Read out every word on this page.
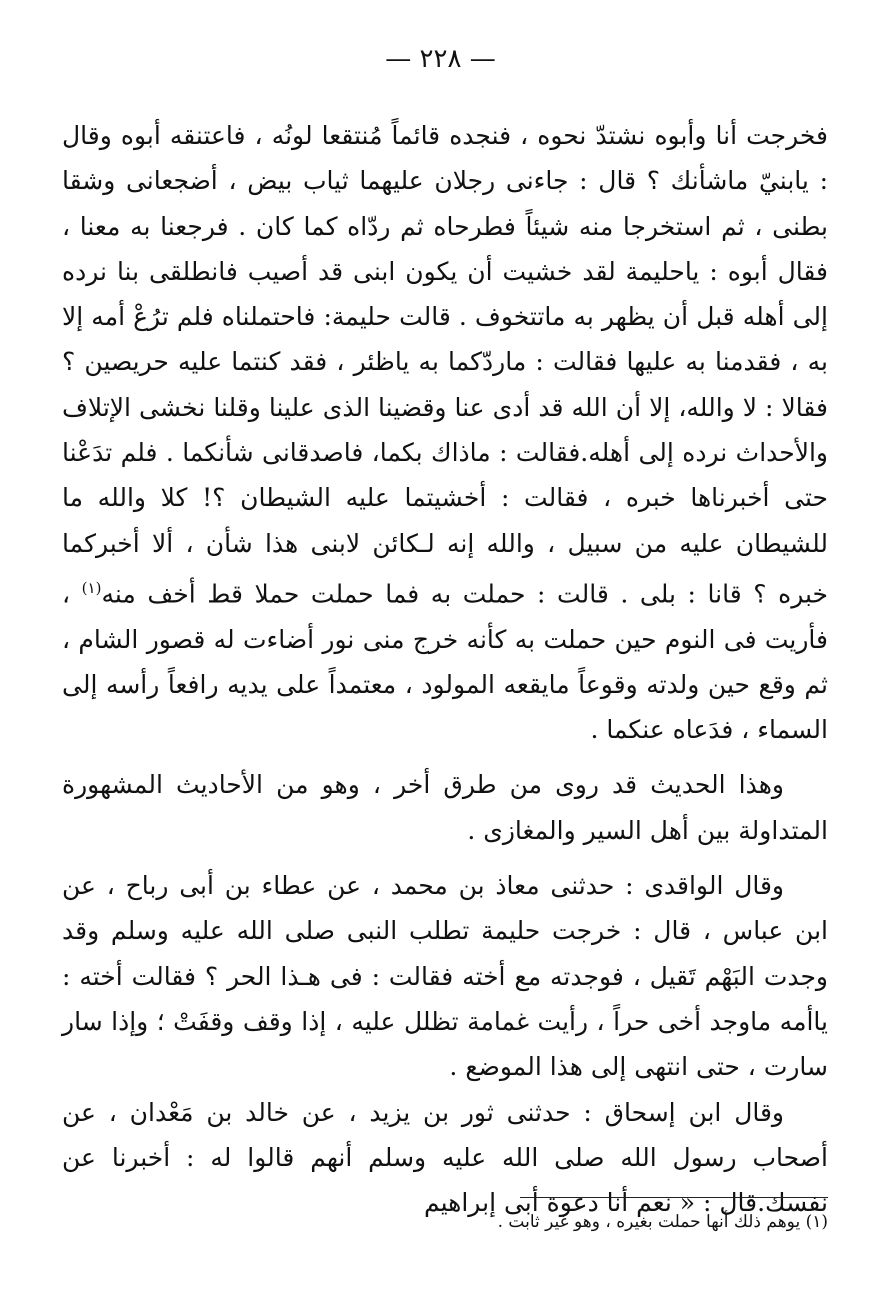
— ٢٢٨ —

فخرجت أنا وأبوه نشتدّ نحوه ، فنجده قائماً مُنتقعا لونُه ، فاعتنقه أبوه وقال : يابنيّ ماشأنك ؟ قال : جاءنى رجلان عليهما ثياب بيض ، أضجعانى وشقا بطنى ، ثم استخرجا منه شيئاً فطرحاه ثم ردّاه كما كان . فرجعنا به معنا ، فقال أبوه : ياحليمة لقد خشيت أن يكون ابنى قد أصيب فانطلقى بنا نرده إلى أهله قبل أن يظهر به ماتتخوف . قالت حليمة: فاحتملناه فلم ترُعْ أمه إلا به ، فقدمنا به عليها فقالت : ماردّكما به ياظئر ، فقد كنتما عليه حريصين ؟ فقالا : لا والله، إلا أن الله قد أدى عنا وقضينا الذى علينا وقلنا نخشى الإتلاف والأحداث نرده إلى أهله.فقالت : ماذاك بكما، فاصدقانى شأنكما . فلم تدَعْنا حتى أخبرناها خبره ، فقالت : أخشيتما عليه الشيطان ؟! كلا والله ما للشيطان عليه من سبيل ، والله إنه لـكائن لابنى هذا شأن ، ألا أخبركما خبره ؟ قانا : بلى . قالت : حملت به فما حملت حملا قط أخف منه$^{(١)}$ ، فأريت فى النوم حين حملت به كأنه خرج منى نور أضاءت له قصور الشام ، ثم وقع حين ولدته وقوعاً مايقعه المولود ، معتمداً على يديه رافعاً رأسه إلى السماء ، فدَعاه عنكما .

وهذا الحديث قد روى من طرق أخر ، وهو من الأحاديث المشهورة المتداولة بين أهل السير والمغازى .

وقال الواقدى : حدثنى معاذ بن محمد ، عن عطاء بن أبى رباح ، عن ابن عباس ، قال : خرجت حليمة تطلب النبى صلى الله عليه وسلم وقد وجدت البَهْم تَقيل ، فوجدته مع أخته فقالت : فى هـذا الحر ؟ فقالت أخته : ياأمه ماوجد أخى حراً ، رأيت غمامة تظلل عليه ، إذا وقف وقفَتْ ؛ وإذا سار سارت ، حتى انتهى إلى هذا الموضع .

وقال ابن إسحاق : حدثنى ثور بن يزيد ، عن خالد بن مَعْدان ، عن أصحاب رسول الله صلى الله عليه وسلم أنهم قالوا له : أخبرنا عن نفسك.قال : « نعم أنا دعوة أبى إبراهيم

(١) يوهم ذلك أنها حملت بغيره ، وهو غير ثابت .
